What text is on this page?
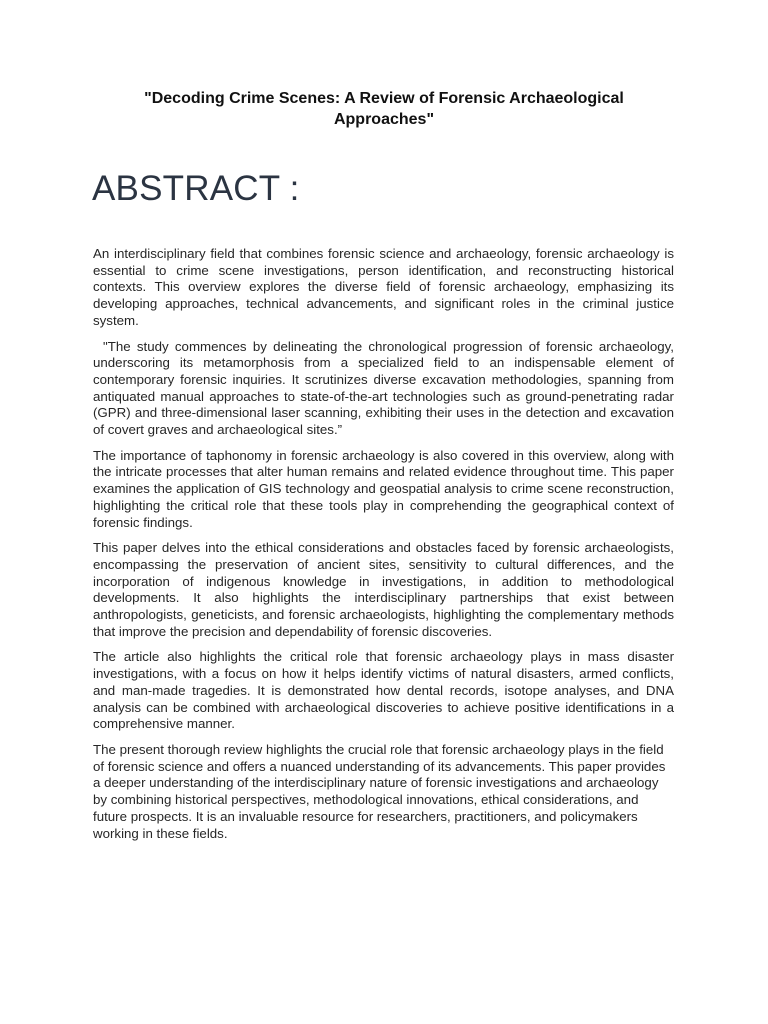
"Decoding Crime Scenes: A Review of Forensic Archaeological
Approaches"
ABSTRACT :

An interdisciplinary field that combines forensic science and archaeology, forensic archaeology is essential to crime scene investigations, person identification, and reconstructing historical contexts. This overview explores the diverse field of forensic archaeology, emphasizing its developing approaches, technical advancements, and significant roles in the criminal justice system.

"The study commences by delineating the chronological progression of forensic archaeology, underscoring its metamorphosis from a specialized field to an indispensable element of contemporary forensic inquiries. It scrutinizes diverse excavation methodologies, spanning from antiquated manual approaches to state-of-the-art technologies such as ground-penetrating radar (GPR) and three-dimensional laser scanning, exhibiting their uses in the detection and excavation of covert graves and archaeological sites.”

The importance of taphonomy in forensic archaeology is also covered in this overview, along with the intricate processes that alter human remains and related evidence throughout time. This paper examines the application of GIS technology and geospatial analysis to crime scene reconstruction, highlighting the critical role that these tools play in comprehending the geographical context of forensic findings.

This paper delves into the ethical considerations and obstacles faced by forensic archaeologists, encompassing the preservation of ancient sites, sensitivity to cultural differences, and the incorporation of indigenous knowledge in investigations, in addition to methodological developments. It also highlights the interdisciplinary partnerships that exist between anthropologists, geneticists, and forensic archaeologists, highlighting the complementary methods that improve the precision and dependability of forensic discoveries.

The article also highlights the critical role that forensic archaeology plays in mass disaster investigations, with a focus on how it helps identify victims of natural disasters, armed conflicts, and man-made tragedies. It is demonstrated how dental records, isotope analyses, and DNA analysis can be combined with archaeological discoveries to achieve positive identifications in a comprehensive manner.

The present thorough review highlights the crucial role that forensic archaeology plays in the field of forensic science and offers a nuanced understanding of its advancements. This paper provides a deeper understanding of the interdisciplinary nature of forensic investigations and archaeology by combining historical perspectives, methodological innovations, ethical considerations, and future prospects. It is an invaluable resource for researchers, practitioners, and policymakers working in these fields.
